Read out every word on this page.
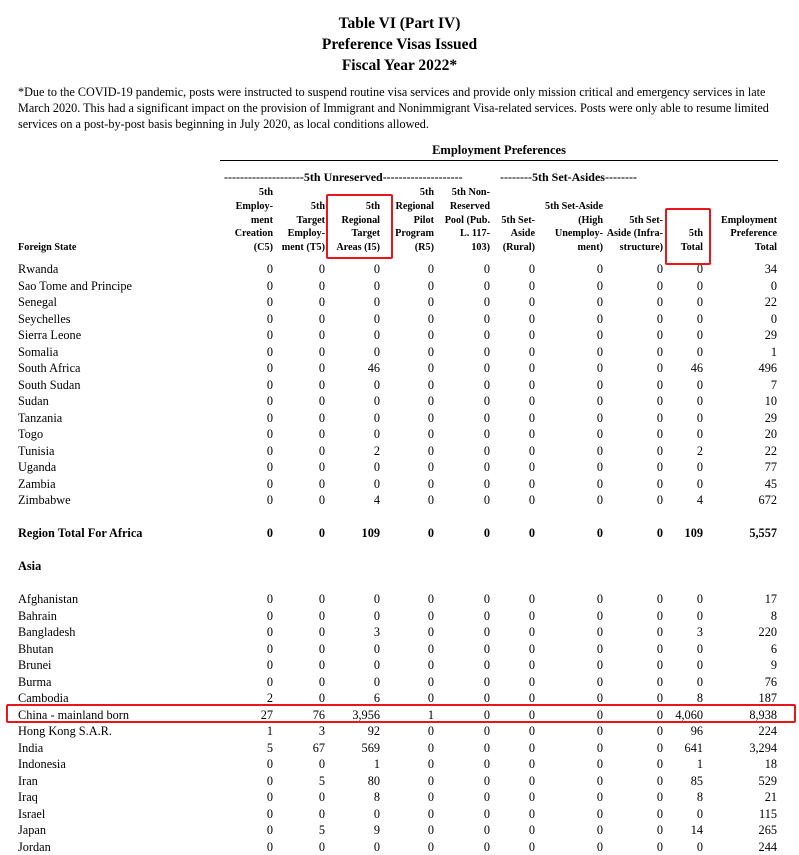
Table VI (Part IV)
Preference Visas Issued
Fiscal Year 2022*
*Due to the COVID-19 pandemic, posts were instructed to suspend routine visa services and provide only mission critical and emergency services in late March 2020. This had a significant impact on the provision of Immigrant and Nonimmigrant Visa-related services. Posts were only able to resume limited services on a post-by-post basis beginning in July 2020, as local conditions allowed.
Employment Preferences
--------------------5th Unreserved--------------------	--------5th Set-Asides--------
Foreign State
5th
Employ-
ment
Creation
(C5)
5th
Target
Employ-
ment (T5)
5th
Regional
Target
Areas (I5)
5th
Regional
Pilot
Program
(R5)
5th Non-
Reserved
Pool (Pub.
L. 117-
103)
5th Set-
Aside
(Rural)
5th Set-Aside
(High
Unemploy-
ment)
5th Set-
Aside (Infra-
structure)
5th
Total
Employment
Preference
Total
Rwanda	0	0	0	0	0	0	0	0	0	34
Sao Tome and Principe	0	0	0	0	0	0	0	0	0	0
Senegal	0	0	0	0	0	0	0	0	0	22
Seychelles	0	0	0	0	0	0	0	0	0	0
Sierra Leone	0	0	0	0	0	0	0	0	0	29
Somalia	0	0	0	0	0	0	0	0	0	1
South Africa	0	0	46	0	0	0	0	0	46	496
South Sudan	0	0	0	0	0	0	0	0	0	7
Sudan	0	0	0	0	0	0	0	0	0	10
Tanzania	0	0	0	0	0	0	0	0	0	29
Togo	0	0	0	0	0	0	0	0	0	20
Tunisia	0	0	2	0	0	0	0	0	2	22
Uganda	0	0	0	0	0	0	0	0	0	77
Zambia	0	0	0	0	0	0	0	0	0	45
Zimbabwe	0	0	4	0	0	0	0	0	4	672
Region Total For Africa	0	0	109	0	0	0	0	0	109	5,557
Asia
Afghanistan	0	0	0	0	0	0	0	0	0	17
Bahrain	0	0	0	0	0	0	0	0	0	8
Bangladesh	0	0	3	0	0	0	0	0	3	220
Bhutan	0	0	0	0	0	0	0	0	0	6
Brunei	0	0	0	0	0	0	0	0	0	9
Burma	0	0	0	0	0	0	0	0	0	76
Cambodia	2	0	6	0	0	0	0	0	8	187
China - mainland born	27	76	3,956	1	0	0	0	0	4,060	8,938
Hong Kong S.A.R.	1	3	92	0	0	0	0	0	96	224
India	5	67	569	0	0	0	0	0	641	3,294
Indonesia	0	0	1	0	0	0	0	0	1	18
Iran	0	5	80	0	0	0	0	0	85	529
Iraq	0	0	8	0	0	0	0	0	8	21
Israel	0	0	0	0	0	0	0	0	0	115
Japan	0	5	9	0	0	0	0	0	14	265
Jordan	0	0	0	0	0	0	0	0	0	244
